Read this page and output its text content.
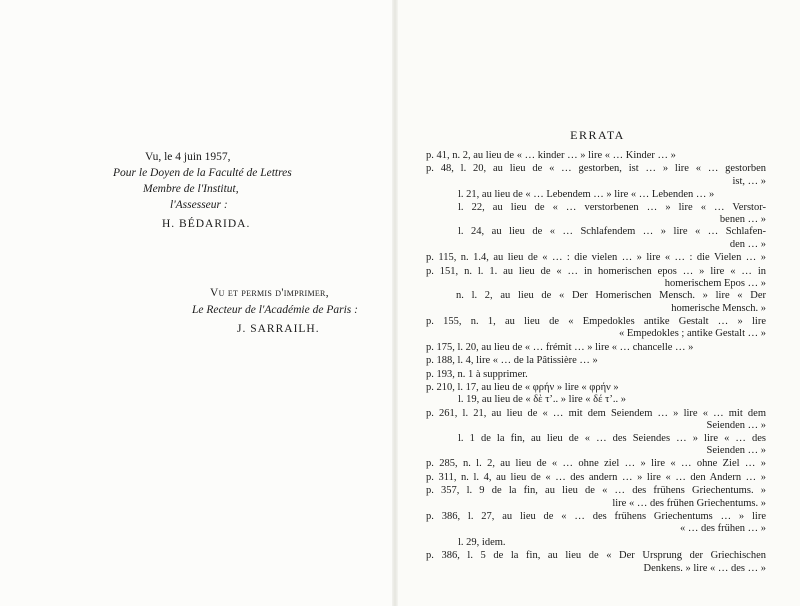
Vu, le 4 juin 1957,
Pour le Doyen de la Faculté de Lettres
Membre de l'Institut,
l'Assesseur :
H. BÉDARIDA.
Vu et permis d'imprimer,
Le Recteur de l'Académie de Paris :
J. SARRAILH.
ERRATA
p. 41, n. 2, au lieu de « … kinder … » lire « … Kinder … »
p. 48, l. 20, au lieu de « … gestorben, ist … » lire « … gestorben
ist, … »
l. 21, au lieu de « … Lebendem … » lire « … Lebenden … »
l. 22, au lieu de « … verstorbenen … » lire « … Verstor-
benen … »
l. 24, au lieu de « … Schlafendem … » lire « … Schlafen-
den … »
p. 115, n. 1.4, au lieu de « … : die vielen … » lire « … : die Vielen … »
p. 151, n. l. 1. au lieu de « … in homerischen epos … » lire « … in
homerischem Epos … »
n. l. 2, au lieu de « Der Homerischen Mensch. » lire « Der
homerische Mensch. »
p. 155, n. 1, au lieu de « Empedokles antike Gestalt … » lire
« Empedokles ; antike Gestalt … »
p. 175, l. 20, au lieu de « … frémit … » lire « … chancelle … »
p. 188, l. 4, lire « … de la Pâtissière … »
p. 193, n. 1 à supprimer.
p. 210, l. 17, au lieu de « φρήν » lire « φρήν »
l. 19, au lieu de « δὲ τ’.. » lire « δέ τ’.. »
p. 261, l. 21, au lieu de « … mit dem Seiendem … » lire « … mit dem
Seienden … »
l. 1 de la fin, au lieu de « … des Seiendes … » lire « … des
Seienden … »
p. 285, n. l. 2, au lieu de « … ohne ziel … » lire « … ohne Ziel … »
p. 311, n. l. 4, au lieu de « … des andern … » lire « … den Andern … »
p. 357, l. 9 de la fin, au lieu de « … des frühens Griechentums. »
lire « … des frühen Griechentums. »
p. 386, l. 27, au lieu de « … des frühens Griechentums … » lire
« … des frühen … »
l. 29, idem.
p. 386, l. 5 de la fin, au lieu de « Der Ursprung der Griechischen
Denkens. » lire « … des … »
